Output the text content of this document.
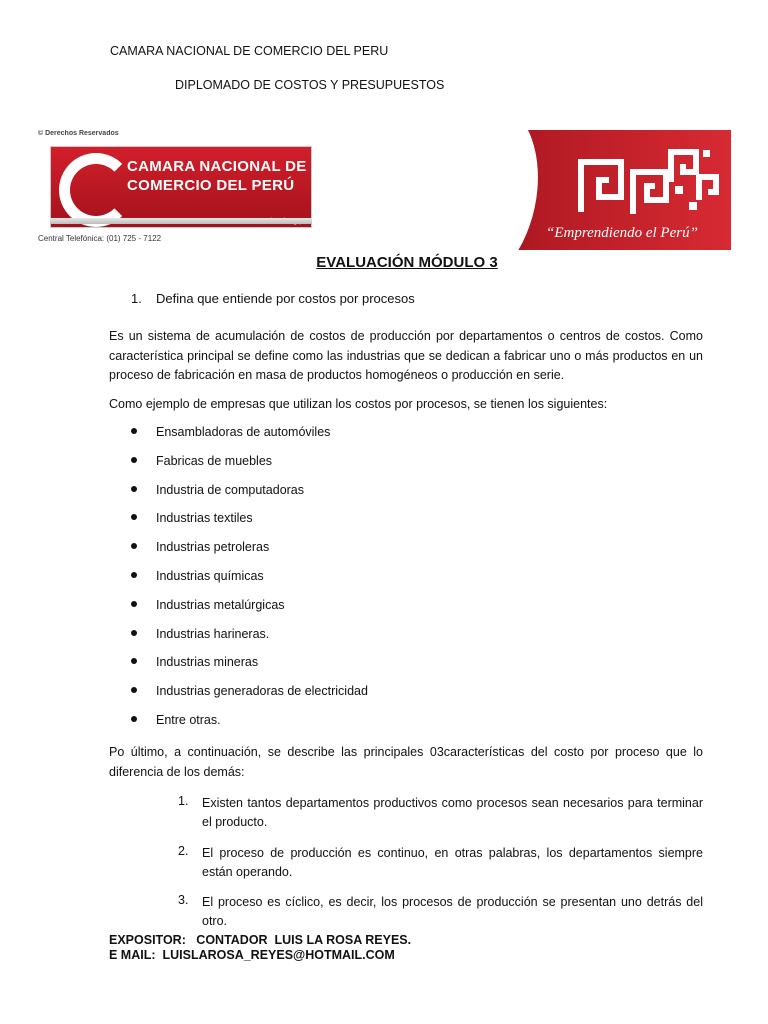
CAMARA NACIONAL DE COMERCIO DEL PERU
DIPLOMADO DE COSTOS Y PRESUPUESTOS
“Emprendiendo el Perú”
© Derechos Reservados
CAMARA NACIONAL DE
COMERCIO DEL PERÚ
Central Telefónica: (01) 725 - 7122
EVALUACIÓN MÓDULO 3
1. Defina que entiende por costos por procesos
Es un sistema de acumulación de costos de producción por departamentos o centros de costos. Como característica principal se define como las industrias que se dedican a fabricar uno o más productos en un proceso de fabricación en masa de productos homogéneos o producción en serie.
Como ejemplo de empresas que utilizan los costos por procesos, se tienen los siguientes:
Ensambladoras de automóviles
Fabricas de muebles
Industria de computadoras
Industrias textiles
Industrias petroleras
Industrias químicas
Industrias metalúrgicas
Industrias harineras.
Industrias mineras
Industrias generadoras de electricidad
Entre otras.
Po último, a continuación, se describe las principales 03características del costo por proceso que lo diferencia de los demás:
1. Existen tantos departamentos productivos como procesos sean necesarios para terminar el producto.
2. El proceso de producción es continuo, en otras palabras, los departamentos siempre están operando.
3. El proceso es cíclico, es decir, los procesos de producción se presentan uno detrás del otro.
EXPOSITOR:   CONTADOR  LUIS LA ROSA REYES.
E MAIL:  LUISLAROSA_REYES@HOTMAIL.COM
